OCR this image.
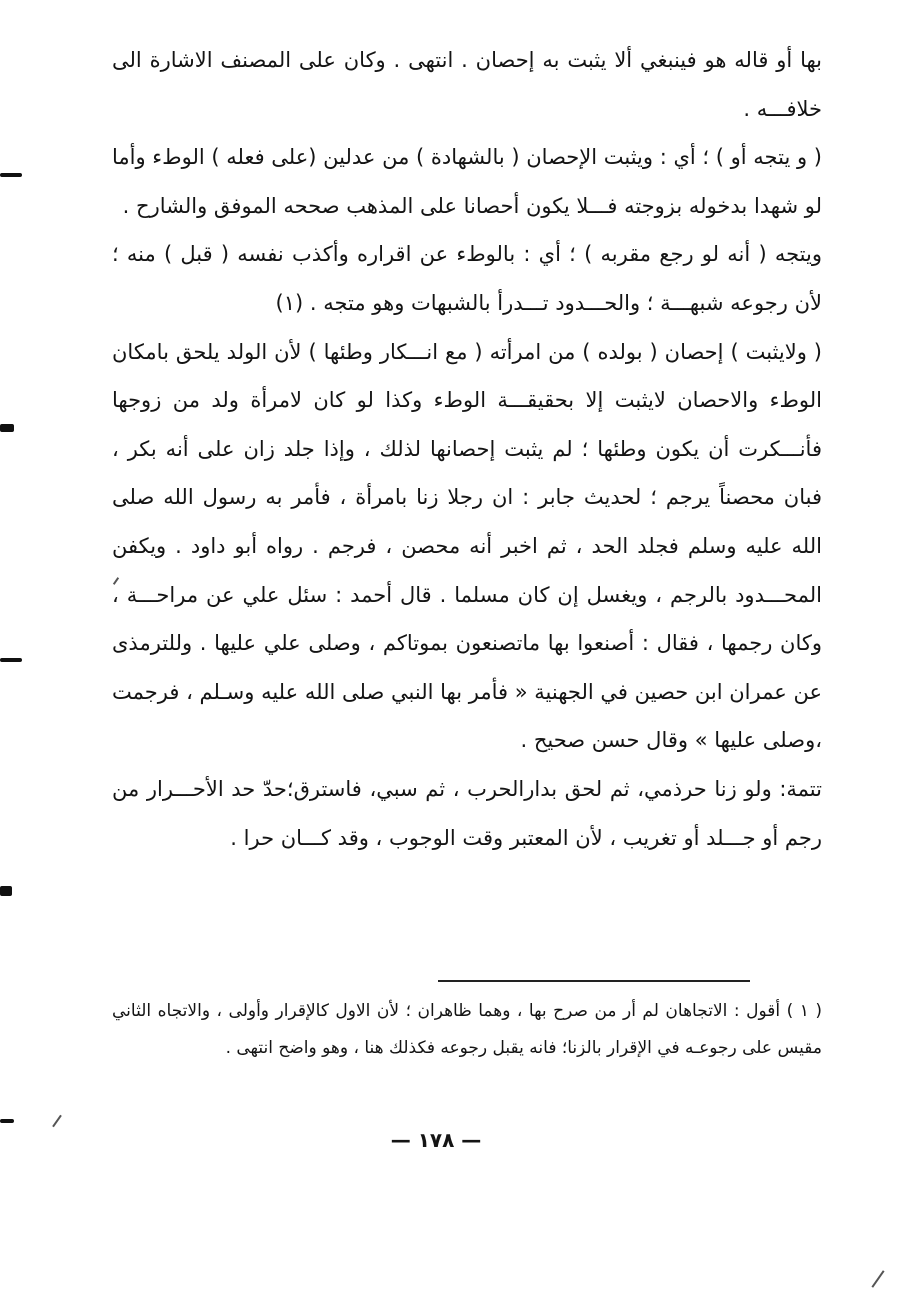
بها أو قاله هو فينبغي ألا يثبت به إحصان . انتهى . وكان على المصنف الاشارة الى خلافـــه .

( و يتجه أو ) ؛ أي : ويثبت الإحصان ( بالشهادة ) من عدلين (على فعله ) الوطء وأما لو شهدا بدخوله بزوجته فـــلا يكون أحصانا على المذهب صححه الموفق والشارح .

ويتجه ( أنه لو رجع مقربه ) ؛ أي : بالوطء عن اقراره وأكذب نفسه ( قبل ) منه ؛ لأن رجوعه شبهـــة ؛ والحـــدود تـــدرأ بالشبهات وهو متجه . (١)

( ولايثبت ) إحصان ( بولده ) من امرأته ( مع انـــكار وطئها ) لأن الولد يلحق بامكان الوطء والاحصان لايثبت إلا بحقيقـــة الوطء وكذا لو كان لامرأة ولد من زوجها فأنـــكرت أن يكون وطئها ؛ لم يثبت إحصانها لذلك ، وإذا جلد زان على أنه بكر ، فبان محصناً يرجم ؛ لحديث جابر : ان رجلا زنا بامرأة ، فأمر به رسول الله صلى الله عليه وسلم فجلد الحد ، ثم اخبر أنه محصن ، فرجم . رواه أبو داود . ويكفن المحـــدود بالرجم ، ويغسل إن كان مسلما . قال أحمد : سئل علي عن مراحـــة ، وكان رجمها ، فقال : أصنعوا بها ماتصنعون بموتاكم ، وصلى علي عليها . وللترمذى عن عمران ابن حصين في الجهنية « فأمر بها النبي صلى الله عليه وسـلم ، فرجمت ،وصلى عليها » وقال حسن صحيح .

تتمة: ولو زنا حرذمي، ثم لحق بدارالحرب ، ثم سبي، فاسترق؛حدّ حد الأحـــرار من رجم أو جـــلد أو تغريب ، لأن المعتبر وقت الوجوب ، وقد كـــان حرا .

( ١ ) أقول : الاتجاهان لم أر من صرح بها ، وهما ظاهران ؛ لأن الاول كالإقرار وأولى ، والاتجاه الثاني مقيس على رجوعـه في الإقرار بالزنا؛ فانه يقبل رجوعه فكذلك هنا ، وهو واضح انتهى .

— ١٧٨ —
